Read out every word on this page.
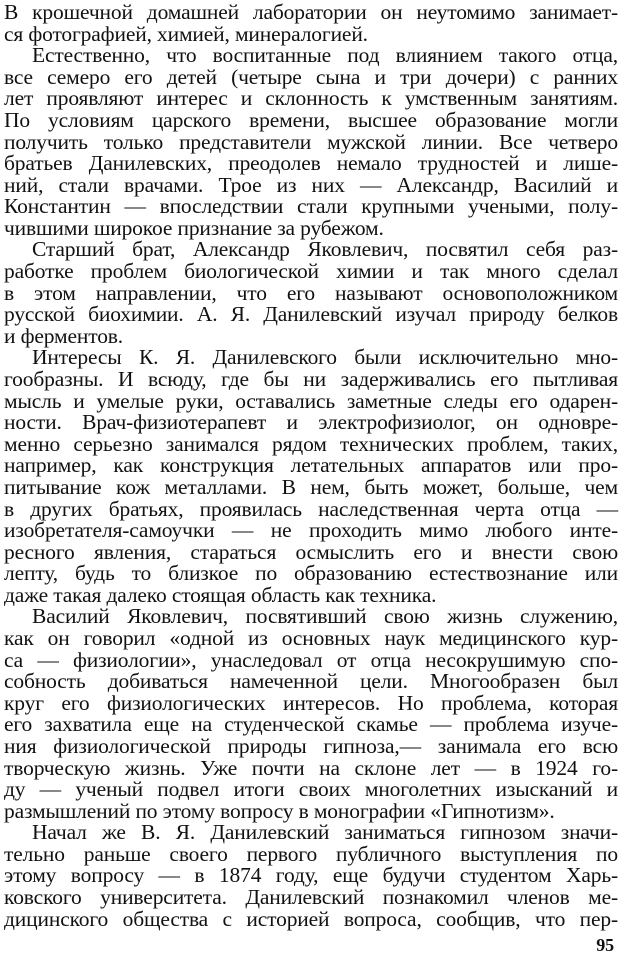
В крошечной домашней лаборатории он неутомимо занимает-
ся фотографией, химией, минералогией.
Естественно, что воспитанные под влиянием такого отца,
все семеро его детей (четыре сына и три дочери) с ранних
лет проявляют интерес и склонность к умственным занятиям.
По условиям царского времени, высшее образование могли
получить только представители мужской линии. Все четверо
братьев Данилевских, преодолев немало трудностей и лише-
ний, стали врачами. Трое из них — Александр, Василий и
Константин — впоследствии стали крупными учеными, полу-
чившими широкое признание за рубежом.
Старший брат, Александр Яковлевич, посвятил себя раз-
работке проблем биологической химии и так много сделал
в этом направлении, что его называют основоположником
русской биохимии. А. Я. Данилевский изучал природу белков
и ферментов.
Интересы К. Я. Данилевского были исключительно мно-
гообразны. И всюду, где бы ни задерживались его пытливая
мысль и умелые руки, оставались заметные следы его одарен-
ности. Врач-физиотерапевт и электрофизиолог, он одновре-
менно серьезно занимался рядом технических проблем, таких,
например, как конструкция летательных аппаратов или про-
питывание кож металлами. В нем, быть может, больше, чем
в других братьях, проявилась наследственная черта отца —
изобретателя-самоучки — не проходить мимо любого инте-
ресного явления, стараться осмыслить его и внести свою
лепту, будь то близкое по образованию естествознание или
даже такая далеко стоящая область как техника.
Василий Яковлевич, посвятивший свою жизнь служению,
как он говорил «одной из основных наук медицинского кур-
са — физиологии», унаследовал от отца несокрушимую спо-
собность добиваться намеченной цели. Многообразен был
круг его физиологических интересов. Но проблема, которая
его захватила еще на студенческой скамье — проблема изуче-
ния физиологической природы гипноза,— занимала его всю
творческую жизнь. Уже почти на склоне лет — в 1924 го-
ду — ученый подвел итоги своих многолетних изысканий и
размышлений по этому вопросу в монографии «Гипнотизм».
Начал же В. Я. Данилевский заниматься гипнозом значи-
тельно раньше своего первого публичного выступления по
этому вопросу — в 1874 году, еще будучи студентом Харь-
ковского университета. Данилевский познакомил членов ме-
дицинского общества с историей вопроса, сообщив, что пер-
95
